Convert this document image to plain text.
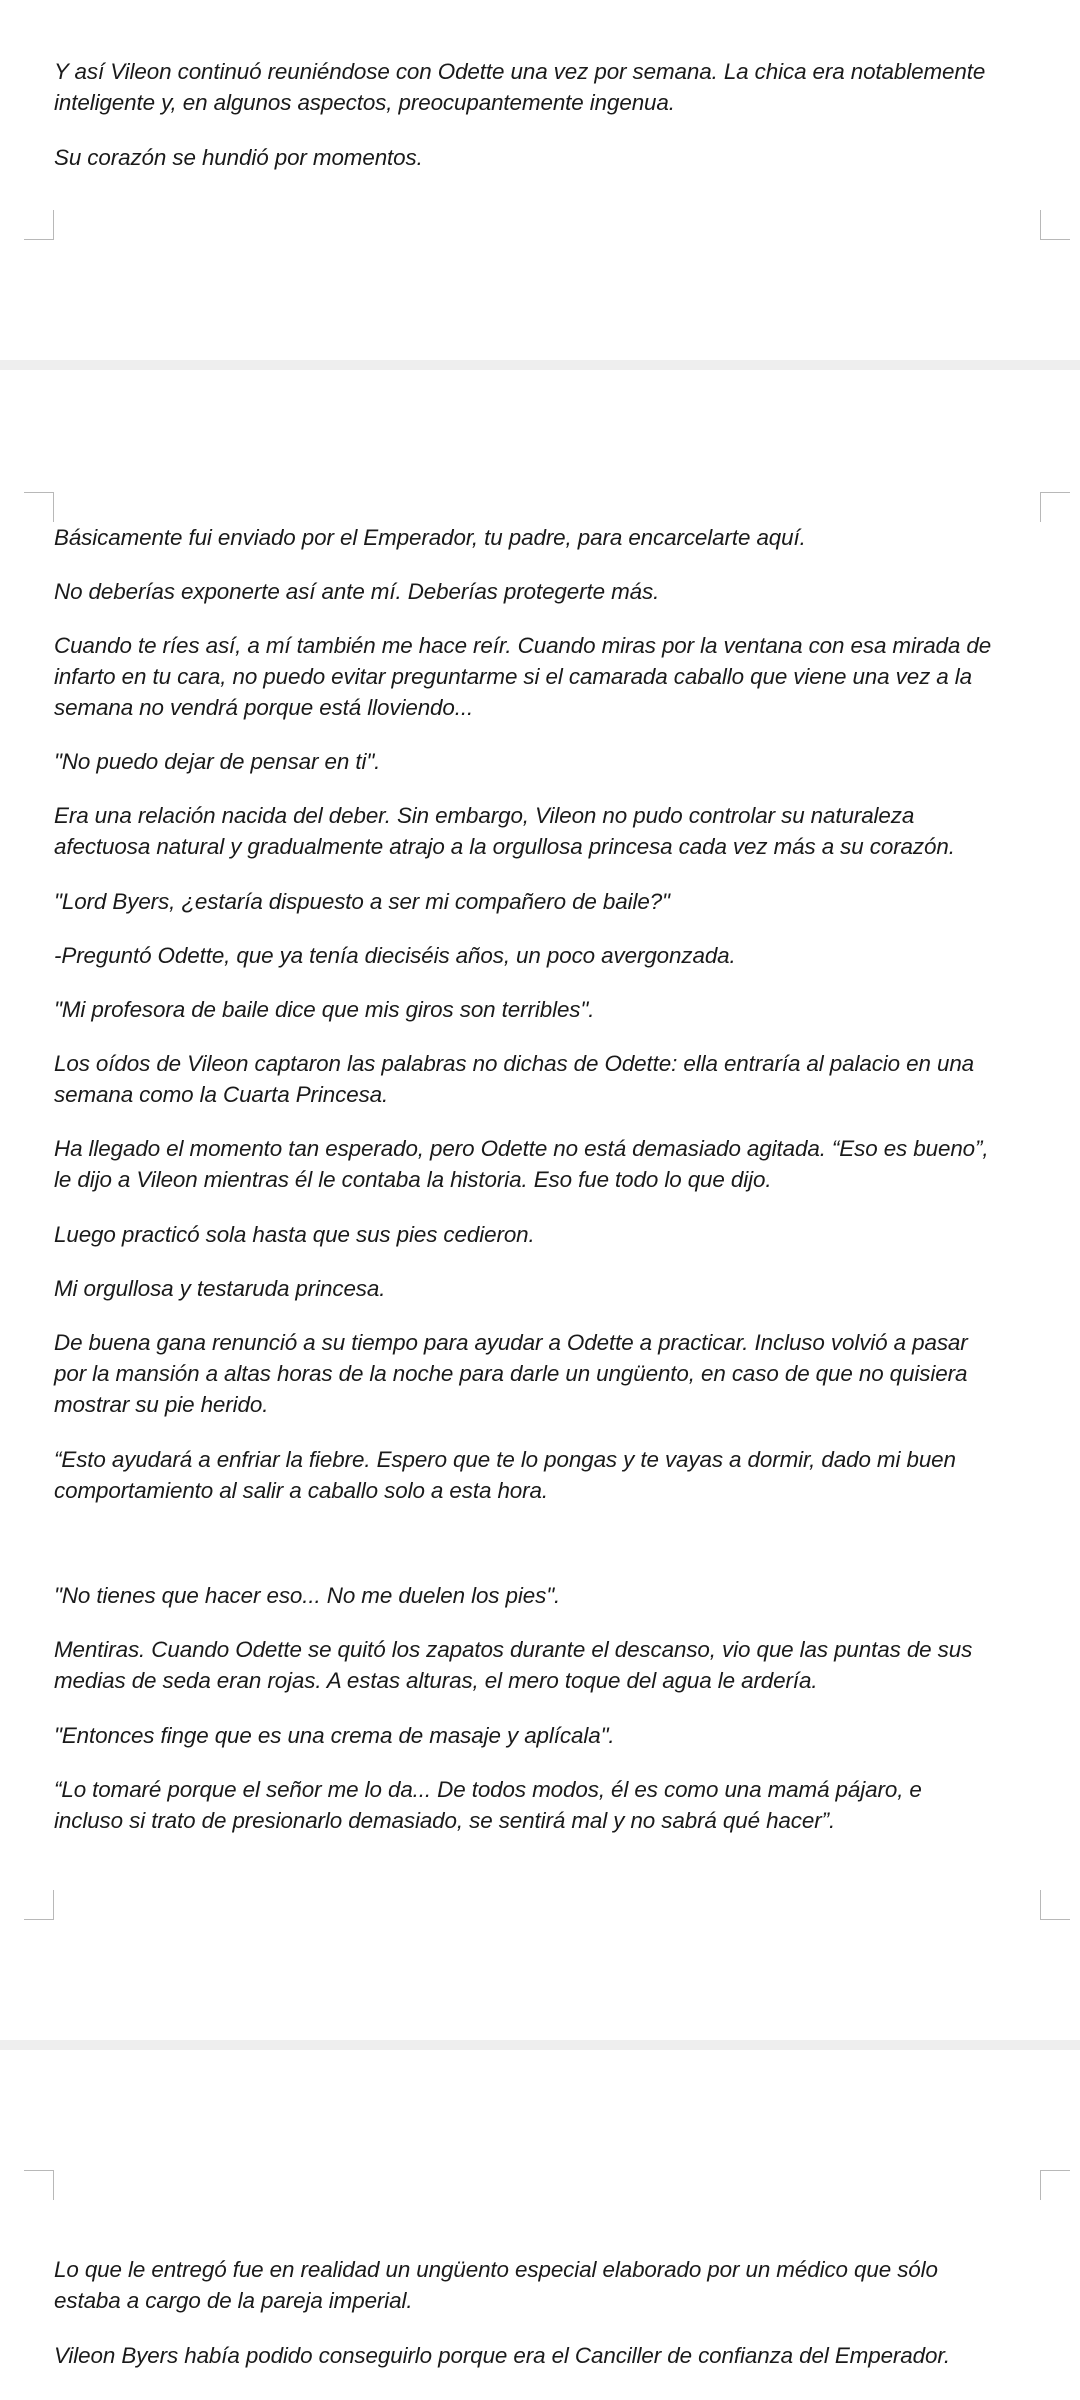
Y así Vileon continuó reuniéndose con Odette una vez por semana. La chica era notablemente
inteligente y, en algunos aspectos, preocupantemente ingenua.

Su corazón se hundió por momentos.

Básicamente fui enviado por el Emperador, tu padre, para encarcelarte aquí.

No deberías exponerte así ante mí. Deberías protegerte más.

Cuando te ríes así, a mí también me hace reír. Cuando miras por la ventana con esa mirada de
infarto en tu cara, no puedo evitar preguntarme si el camarada caballo que viene una vez a la
semana no vendrá porque está lloviendo...

"No puedo dejar de pensar en ti".

Era una relación nacida del deber. Sin embargo, Vileon no pudo controlar su naturaleza
afectuosa natural y gradualmente atrajo a la orgullosa princesa cada vez más a su corazón.

"Lord Byers, ¿estaría dispuesto a ser mi compañero de baile?"

-Preguntó Odette, que ya tenía dieciséis años, un poco avergonzada.

"Mi profesora de baile dice que mis giros son terribles".

Los oídos de Vileon captaron las palabras no dichas de Odette: ella entraría al palacio en una
semana como la Cuarta Princesa.

Ha llegado el momento tan esperado, pero Odette no está demasiado agitada. “Eso es bueno”,
le dijo a Vileon mientras él le contaba la historia. Eso fue todo lo que dijo.

Luego practicó sola hasta que sus pies cedieron.

Mi orgullosa y testaruda princesa.

De buena gana renunció a su tiempo para ayudar a Odette a practicar. Incluso volvió a pasar
por la mansión a altas horas de la noche para darle un ungüento, en caso de que no quisiera
mostrar su pie herido.

“Esto ayudará a enfriar la fiebre. Espero que te lo pongas y te vayas a dormir, dado mi buen
comportamiento al salir a caballo solo a esta hora.

"No tienes que hacer eso... No me duelen los pies".

Mentiras. Cuando Odette se quitó los zapatos durante el descanso, vio que las puntas de sus
medias de seda eran rojas. A estas alturas, el mero toque del agua le ardería.

"Entonces finge que es una crema de masaje y aplícala".

“Lo tomaré porque el señor me lo da... De todos modos, él es como una mamá pájaro, e
incluso si trato de presionarlo demasiado, se sentirá mal y no sabrá qué hacer”.

Lo que le entregó fue en realidad un ungüento especial elaborado por un médico que sólo
estaba a cargo de la pareja imperial.

Vileon Byers había podido conseguirlo porque era el Canciller de confianza del Emperador.
